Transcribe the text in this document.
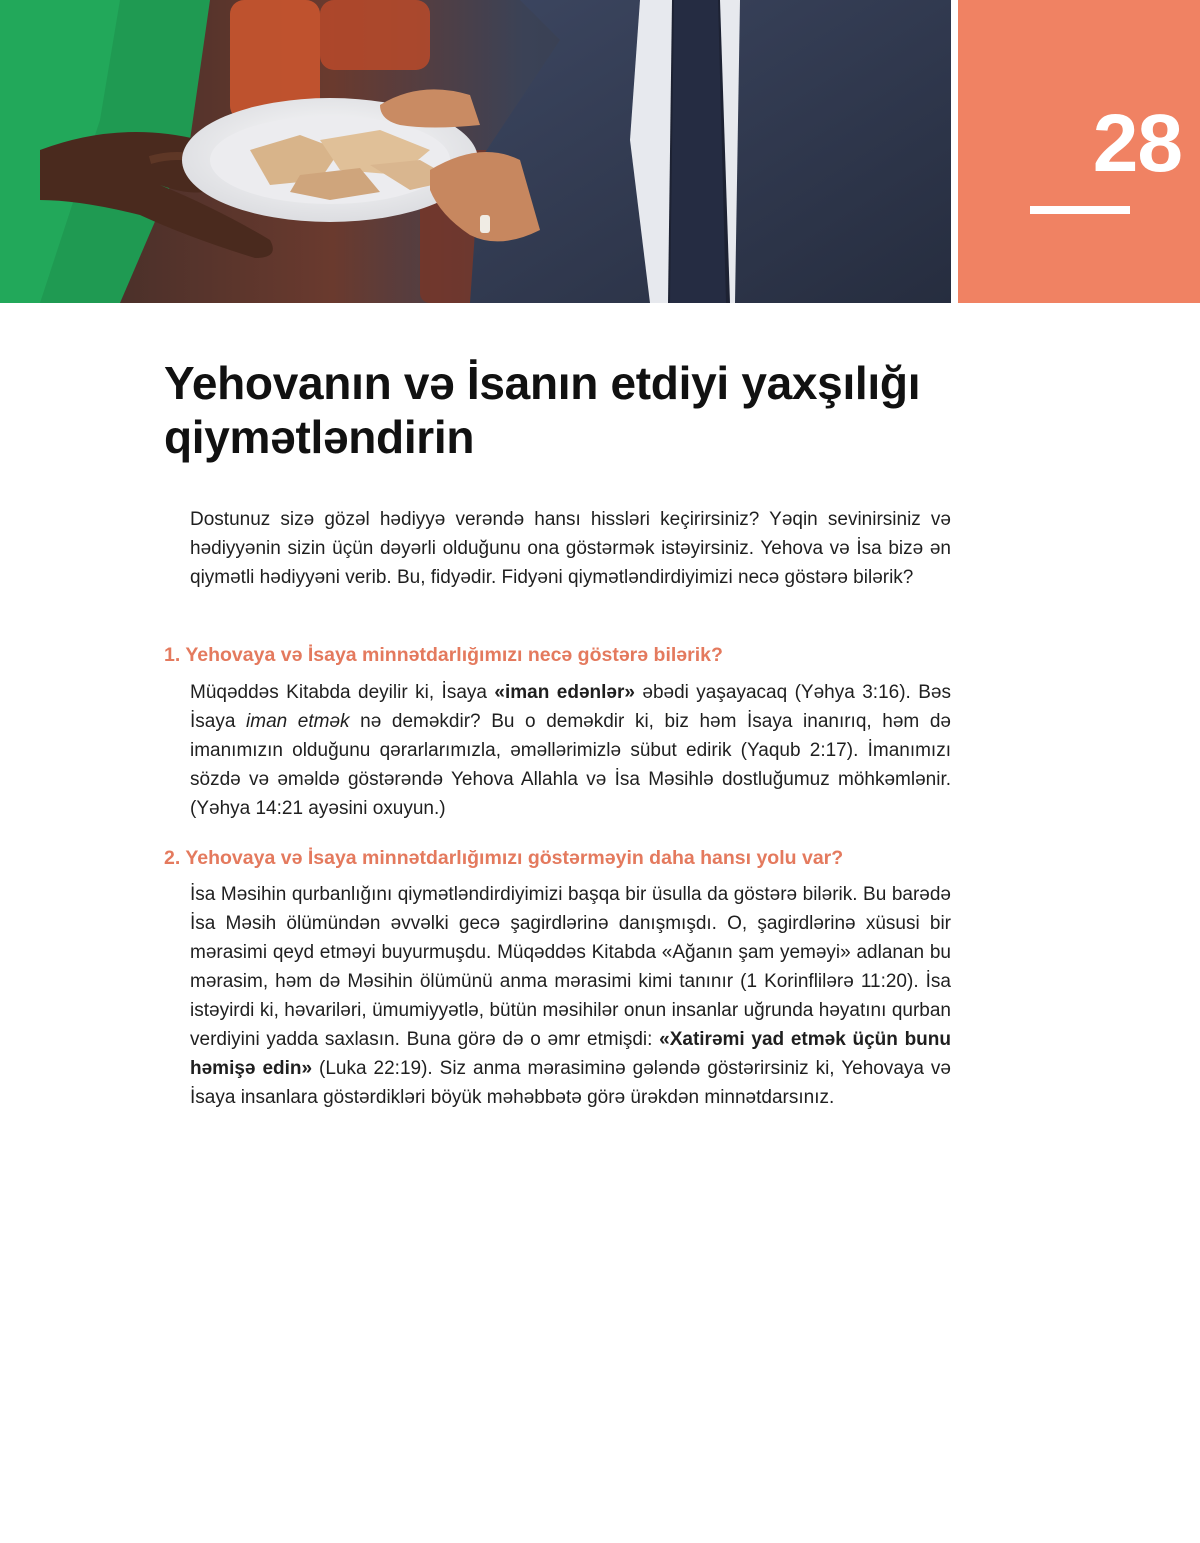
28
Yehovanın və İsanın etdiyi yaxşılığı qiymətləndirin

Dostunuz sizə gözəl hədiyyə verəndə hansı hissləri keçirirsiniz? Yəqin sevinirsiniz və hədiyyənin sizin üçün dəyərli olduğunu ona göstərmək istəyirsiniz. Yehova və İsa bizə ən qiymətli hədiyyəni verib. Bu, fidyədir. Fidyəni qiymətləndirdiyimizi necə göstərə bilərik?

1. Yehovaya və İsaya minnətdarlığımızı necə göstərə bilərik?

Müqəddəs Kitabda deyilir ki, İsaya «iman edənlər» əbədi yaşayacaq (Yəhya 3:16). Bəs İsaya iman etmək nə deməkdir? Bu o deməkdir ki, biz həm İsaya inanırıq, həm də imanımızın olduğunu qərarlarımızla, əməllərimizlə sübut edirik (Yaqub 2:17). İmanımızı sözdə və əməldə göstərəndə Yehova Allahla və İsa Məsihlə dostluğumuz möhkəmlənir. (Yəhya 14:21 ayəsini oxuyun.)

2. Yehovaya və İsaya minnətdarlığımızı göstərməyin daha hansı yolu var?

İsa Məsihin qurbanlığını qiymətləndirdiyimizi başqa bir üsulla da göstərə bilərik. Bu barədə İsa Məsih ölümündən əvvəlki gecə şagirdlərinə danışmışdı. O, şagirdlərinə xüsusi bir mərasimi qeyd etməyi buyurmuşdu. Müqəddəs Kitabda «Ağanın şam yeməyi» adlanan bu mərasim, həm də Məsihin ölümünü anma mərasimi kimi tanınır (1 Korinflilərə 11:20). İsa istəyirdi ki, həvariləri, ümumiyyətlə, bütün məsihilər onun insanlar uğrunda həyatını qurban verdiyini yadda saxlasın. Buna görə də o əmr etmişdi: «Xatirəmi yad etmək üçün bunu həmişə edin» (Luka 22:19). Siz anma mərasiminə gələndə göstərirsiniz ki, Yehovaya və İsaya insanlara göstərdikləri böyük məhəbbətə görə ürəkdən minnətdarsınız.
